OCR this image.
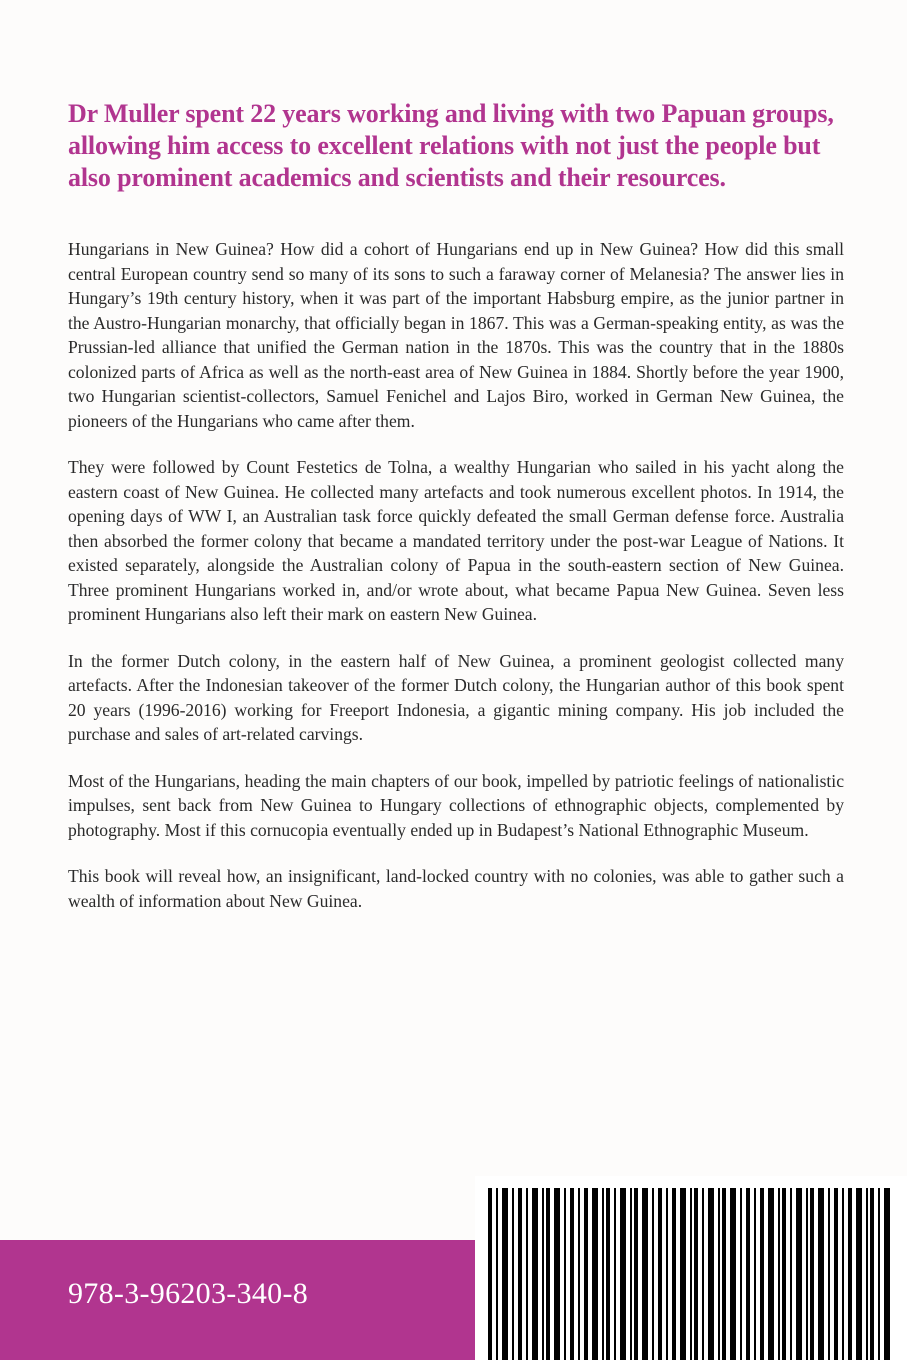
Dr Muller spent 22 years working and living with two Papuan groups, allowing him access to excellent relations with not just the people but also prominent academics and scientists and their resources.

Hungarians in New Guinea? How did a cohort of Hungarians end up in New Guinea? How did this small central European country send so many of its sons to such a faraway corner of Melanesia? The answer lies in Hungary’s 19th century history, when it was part of the important Habsburg empire, as the junior partner in the Austro-Hungarian monarchy, that officially began in 1867. This was a German-speaking entity, as was the Prussian-led alliance that unified the German nation in the 1870s. This was the country that in the 1880s colonized parts of Africa as well as the north-east area of New Guinea in 1884. Shortly before the year 1900, two Hungarian scientist-collectors, Samuel Fenichel and Lajos Biro, worked in German New Guinea, the pioneers of the Hungarians who came after them.

They were followed by Count Festetics de Tolna, a wealthy Hungarian who sailed in his yacht along the eastern coast of New Guinea. He collected many artefacts and took numerous excellent photos. In 1914, the opening days of WW I, an Australian task force quickly defeated the small German defense force. Australia then absorbed the former colony that became a mandated territory under the post-war League of Nations. It existed separately, alongside the Australian colony of Papua in the south-eastern section of New Guinea. Three prominent Hungarians worked in, and/or wrote about, what became Papua New Guinea. Seven less prominent Hungarians also left their mark on eastern New Guinea.

In the former Dutch colony, in the eastern half of New Guinea, a prominent geologist collected many artefacts. After the Indonesian takeover of the former Dutch colony, the Hungarian author of this book spent 20 years (1996-2016) working for Freeport Indonesia, a gigantic mining company. His job included the purchase and sales of art-related carvings.

Most of the Hungarians, heading the main chapters of our book, impelled by patriotic feelings of nationalistic impulses, sent back from New Guinea to Hungary collections of ethnographic objects, complemented by photography. Most if this cornucopia eventually ended up in Budapest’s National Ethnographic Museum.

This book will reveal how, an insignificant, land-locked country with no colonies, was able to gather such a wealth of information about New Guinea.

978-3-96203-340-8
